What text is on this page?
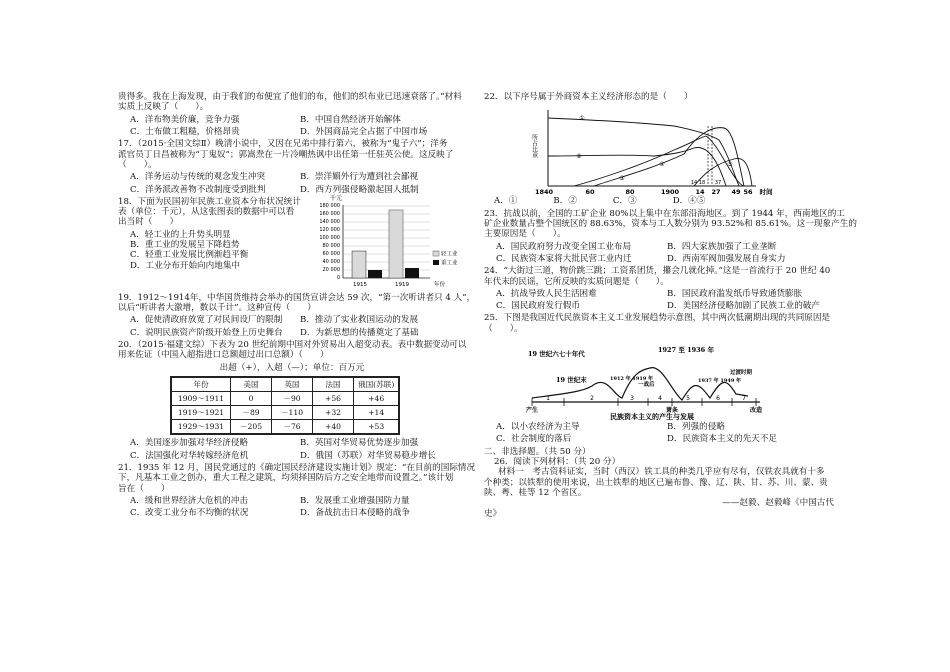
贵得多。我在上海发现，由于我们的布便宜了他们的布，他们的织布业已迅速衰落了。”材料

实质上反映了（　　）。

A．洋布物美价廉，竞争力强	B．中国自然经济开始解体
C．土布做工粗糙，价格昂贵	D．外国商品完全占据了中国市场

17．（2015·全国文综Ⅱ）晚清小说中，又因在兄弟中排行第六，被称为“鬼子六”；洋务

派官员丁日昌被称为“丁鬼奴”；郭嵩焘在一片冷嘲热讽中出任第一任驻英公使。这反映了（　　）。

A．洋务运动与传统的观念发生冲突	B．崇洋媚外行为遭到社会鄙视
C．洋务派改善物不改制度受到批判	D．西方列强侵略激起国人抵制

18．下面为民国初年民族工业资本分布状况统计

表（单位：千元），从这张图表的数据中可以看

出当时（　　）

A．轻工业的上升势头明显

B．重工业的发展呈下降趋势

C．轻重工业发展比例渐趋平衡

D．工业分布开始向内地集中

千元
180 000
160 000
140 000
120 000
100 000
80 000
60 000
40 000
20 000
0
1915	1919	年份
轻工业
重工业

19．1912～1914年，中华国货维持会举办的国货宣讲会达 59 次，“第一次听讲者只 4 人”，

以后“听讲者大激增，数以千计”。这种宣传（　　）

A．促使清政府放宽了对民间设厂的限制	B．推动了实业救国运动的发展
C．说明民族资产阶级开始登上历史舞台	D．为新思想的传播奠定了基础

20．（2015·福建文综）下表为 20 世纪前期中国对外贸易出入超变动表。表中数据变动可以

用来佐证（中国入超指进口总额超过出口总额）（　　）

出超（+），入超（—）；单位：百万元

年份	美国	英国	法国	俄国(苏联)
1909～1911	0	－90	+56	+46
1919～1921	－89	－110	+32	+14
1929～1931	－205	－76	+40	+53
A．美国逐步加强对华经济侵略	B．英国对华贸易优势逐步加强
C．法国强化对华转嫁经济危机	D．俄国（苏联）对华贸易稳步增长

21．1935 年 12 月，国民党通过的《确定国民经济建设实施计划》规定：“在目前的国际情况

下，凡基本工业之创办，重大工程之建筑，均须择国防后方之安全地带而设置之。”该计划

旨在（　　）

A．缓和世界经济大危机的冲击	B．发展重工业增强国防力量
C．改变工业分布不均衡的状况	D．备战抗击日本侵略的战争

22．以下序号属于外商资本主义经济形态的是（　　）

所占比重
①
②
③
④	⑤
1840	60	80	1900	14 27 49 56 时间
14 18 37
A．①	B．②	C．③	D．④⑤

23．抗战以前，全国的工矿企业 80%以上集中在东部沿海地区。到了 1944 年，西南地区的工

矿企业数量占整个国统区的 88.63%，资本与工人数分别为 93.52%和 85.61%。这一现象产生的

主要原因是（　　）。

A．国民政府努力改变全国工业布局	B．四大家族加强了工业垄断
C．民族资本家将大批民营工业内迁	D．西南军阀加强发展自身实力

24．“大街过三道，物价跳三跳；工资系团货，攥会几就化掉。”这是一首流行于 20 世纪 40

年代末的民谣，它所反映的实质问题是（　　）。

A．抗战导致人民生活困难	B．国民政府滥发纸币导致通货膨胀
C．国民政府发行假币	D．美国经济侵略加剧了民族工业的破产

25．下图是我国近代民族资本主义工业发展趋势示意图，其中两次低潮期出现的共同原因是

（　　）。

19 世纪六七十年代
19 世纪末	1912 年 1919 年
一战后
1927 至 1936 年
1937 年 1949 年
过渡时期
1	2	3	4	5	6	7
产生	萧条	改造
民族资本主义的产生与发展
A．以小农经济为主导	B．列强的侵略
C．社会制度的落后	D．民族资本主义的先天不足

二、非选择题。（共 50 分）

26．阅读下列材料：（共 20 分）

材料一　考古资料证实，当时（西汉）铁工具的种类几乎应有尽有，仅铁农具就有十多

个种类；以铁犁的使用来说，出土铁犁的地区已遍布鲁、豫、辽、陕、甘、苏、川、蒙、贵

陕、粤、桂等 12 个省区。

——赵毅、赵毅峰《中国古代

史》
